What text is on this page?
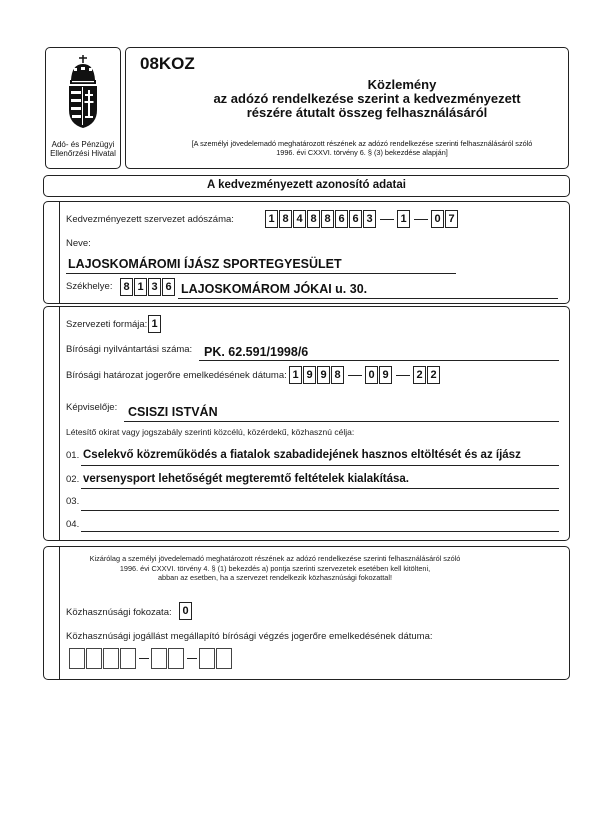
Adó- és Pénzügyi
Ellenőrzési Hivatal
08KOZ
Közlemény
az adózó rendelkezése szerint a kedvezményezett
részére átutalt összeg felhasználásáról
[A személyi jövedelemadó meghatározott részének az adózó rendelkezése szerinti felhasználásáról szóló
1996. évi CXXVI. törvény 6. § (3) bekezdése alapján]
A kedvezményezett azonosító adatai
Kedvezményezett szervezet adószáma:	1 8 4 8 8 6 6 3	1	0 7
Neve:
LAJOSKOMÁROMI ÍJÁSZ SPORTEGYESÜLET
Székhelye: 8 1 3 6 LAJOSKOMÁROM JÓKAI u. 30.
Szervezeti formája: 1
Bírósági nyilvántartási száma: PK. 62.591/1998/6
Bírósági határozat jogerőre emelkedésének dátuma: 1 9 9 8	0 9	2 2
Képviselője: CSISZI ISTVÁN
Létesítő okirat vagy jogszabály szerinti közcélú, közérdekű, közhasznú célja:
01. Cselekvő közreműködés a fiatalok szabadidejének hasznos eltöltését és az íjász
02. versenysport lehetőségét megteremtő feltételek kialakítása.
03.
04.
Kizárólag a személyi jövedelemadó meghatározott részének az adózó rendelkezése szerinti felhasználásáról szóló
1996. évi CXXVI. törvény 4. § (1) bekezdés a) pontja szerinti szervezetek esetében kell kitölteni,
abban az esetben, ha a szervezet rendelkezik közhasznúsági fokozattal!
Közhasznúsági fokozata: 0
Közhasznúsági jogállást megállapító bírósági végzés jogerőre emelkedésének dátuma:
